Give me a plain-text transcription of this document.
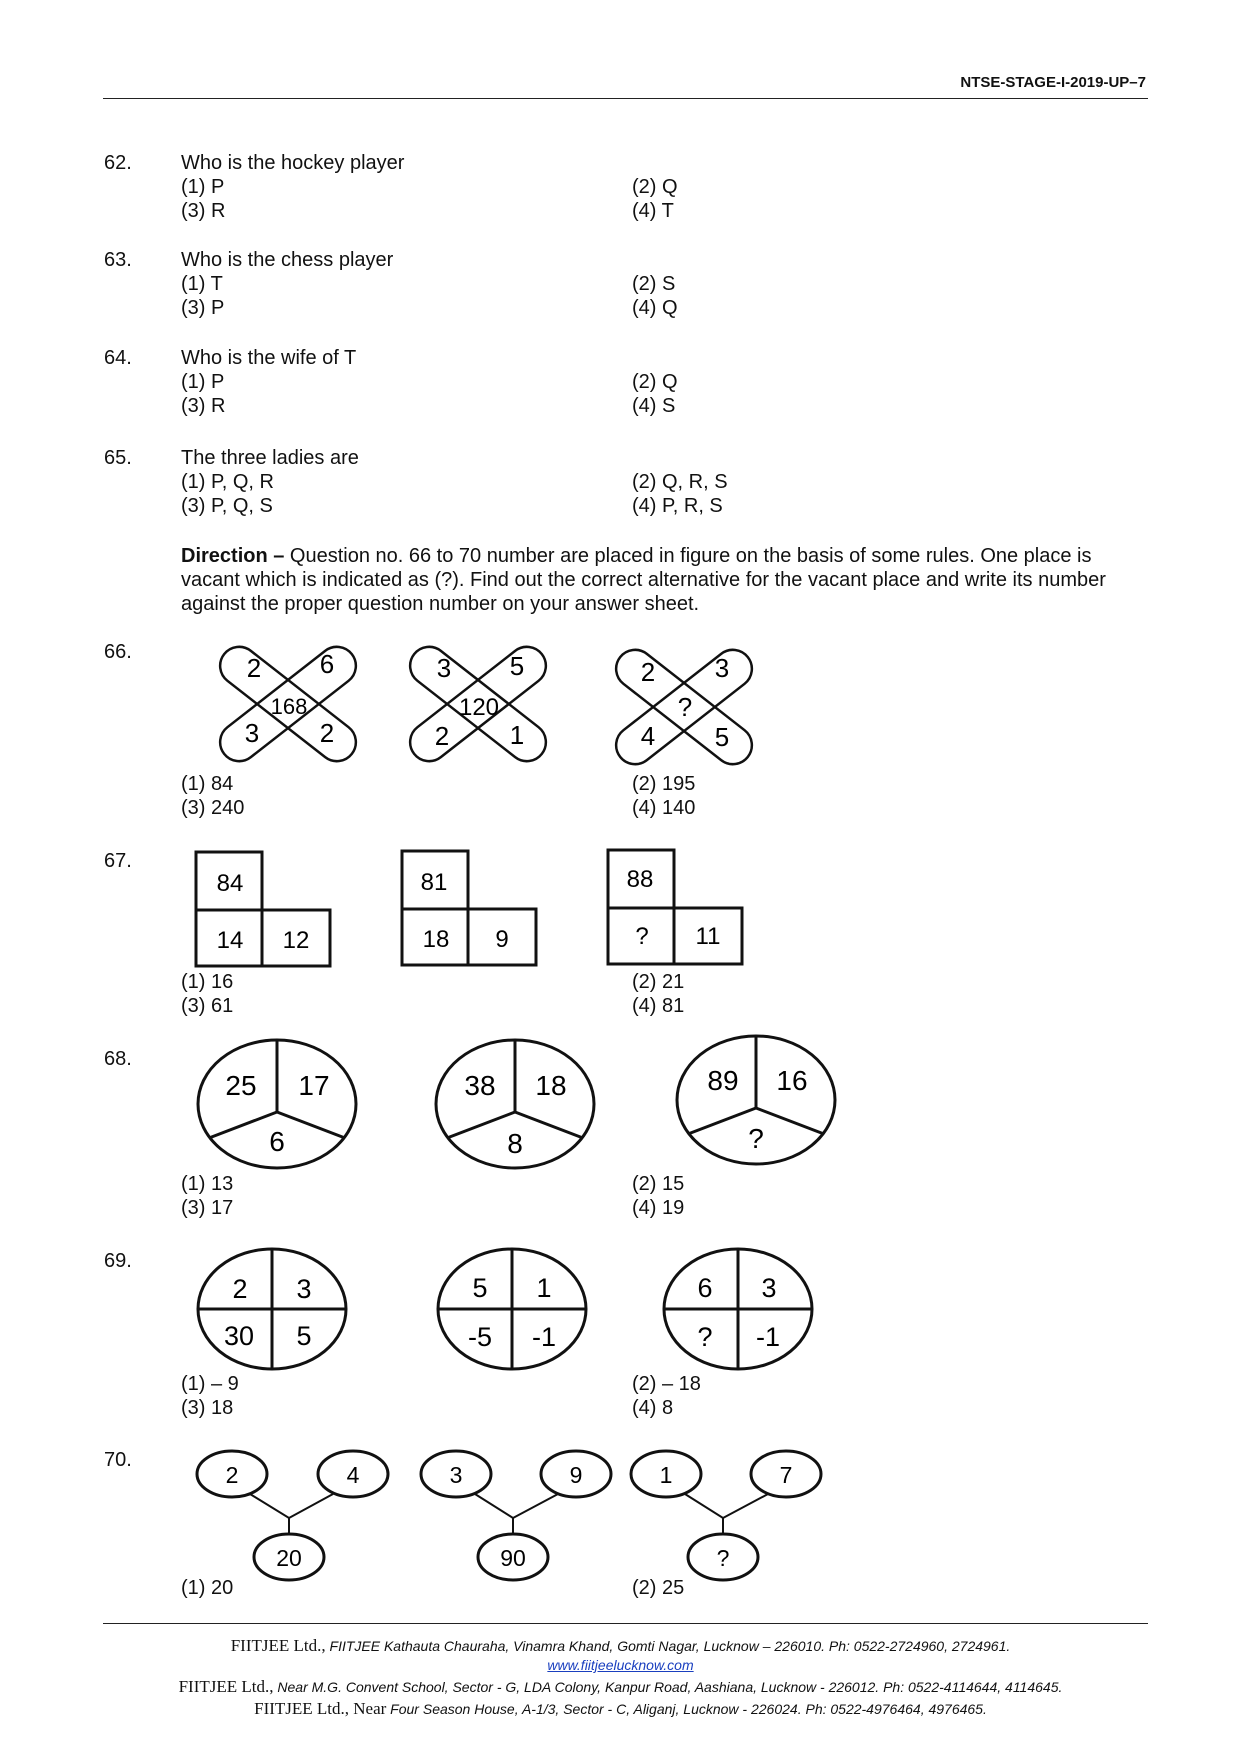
NTSE-STAGE-I-2019-UP–7
62. Who is the hockey player
(1) P	(2) Q
(3) R	(4) T
63. Who is the chess player
(1) T	(2) S
(3) P	(4) Q
64. Who is the wife of T
(1) P	(2) Q
(3) R	(4) S
65. The three ladies are
(1) P, Q, R	(2) Q, R, S
(3) P, Q, S	(4) P, R, S
Direction – Question no. 66 to 70 number are placed in figure on the basis of some rules. One place is vacant which is indicated as (?). Find out the correct alternative for the vacant place and write its number against the proper question number on your answer sheet.
66.
2 6
168
3 2
3 5
120
2 1
2 3
?
4 5
(1) 84	(2) 195
(3) 240	(4) 140
67.
84
14 12
81
18 9
88
? 11
(1) 16	(2) 21
(3) 61	(4) 81
68.
25 17
6
38 18
8
89 16
?
(1) 13	(2) 15
(3) 17	(4) 19
69.
2 3
30 5
5 1
-5 -1
6 3
? -1
(1) – 9	(2) – 18
(3) 18	(4) 8
70.
2	4
20
3	9
90
1	7
?
(1) 20	(2) 25
FIITJEE Ltd., FIITJEE Kathauta Chauraha, Vinamra Khand, Gomti Nagar, Lucknow – 226010. Ph: 0522-2724960, 2724961.
www.fiitjeelucknow.com
FIITJEE Ltd., Near M.G. Convent School, Sector - G, LDA Colony, Kanpur Road, Aashiana, Lucknow - 226012. Ph: 0522-4114644, 4114645.
FIITJEE Ltd., Near Four Season House, A-1/3, Sector - C, Aliganj, Lucknow - 226024. Ph: 0522-4976464, 4976465.
